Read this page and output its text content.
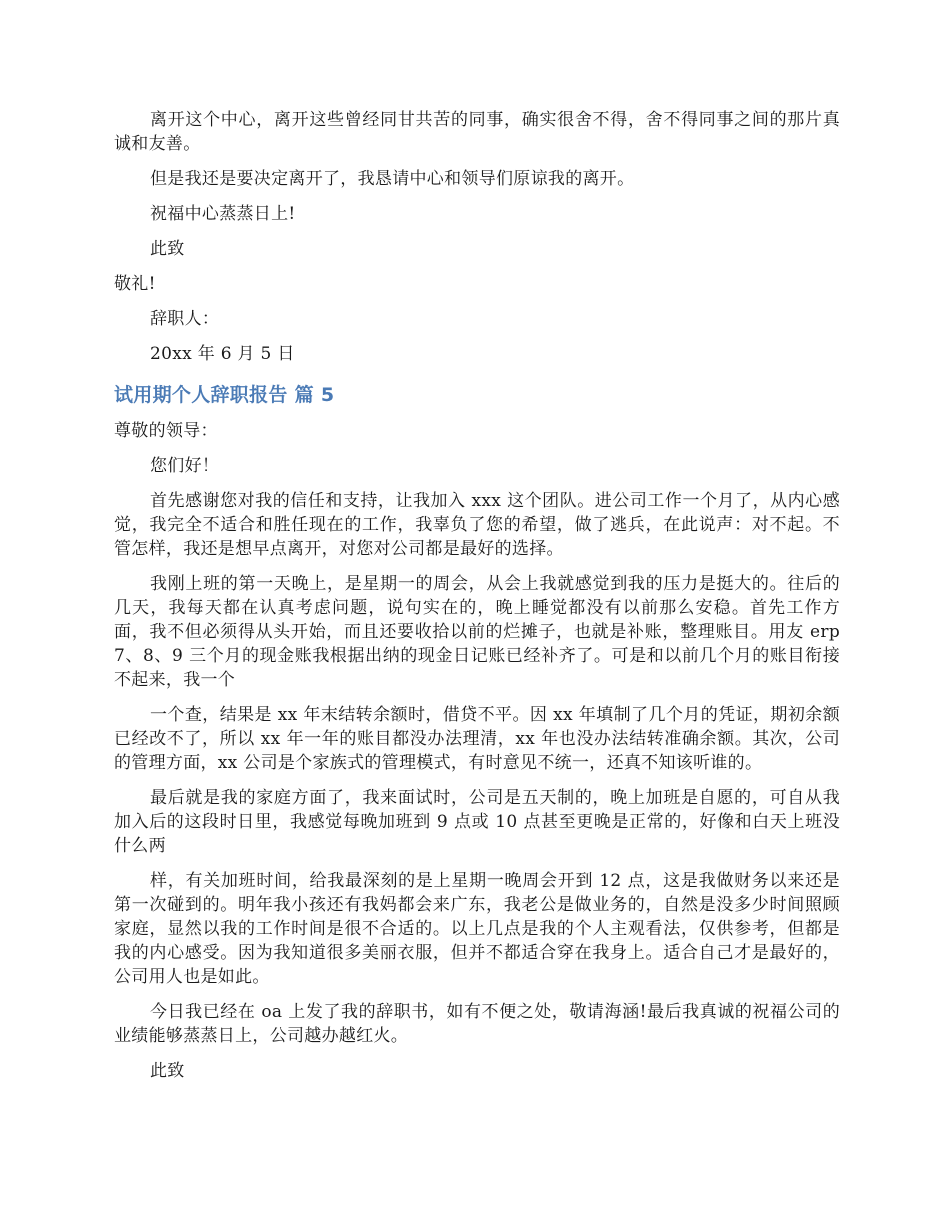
离开这个中心，离开这些曾经同甘共苦的同事，确实很舍不得，舍不得同事之间的那片真诚和友善。

但是我还是要决定离开了，我恳请中心和领导们原谅我的离开。

祝福中心蒸蒸日上!

此致

敬礼!

辞职人：

20xx 年 6 月 5 日

试用期个人辞职报告 篇 5

尊敬的领导：

您们好！

首先感谢您对我的信任和支持，让我加入 xxx 这个团队。进公司工作一个月了，从内心感觉，我完全不适合和胜任现在的工作，我辜负了您的希望，做了逃兵，在此说声：对不起。不管怎样，我还是想早点离开，对您对公司都是最好的选择。

我刚上班的第一天晚上，是星期一的周会，从会上我就感觉到我的压力是挺大的。往后的几天，我每天都在认真考虑问题，说句实在的，晚上睡觉都没有以前那么安稳。首先工作方面，我不但必须得从头开始，而且还要收拾以前的烂摊子，也就是补账，整理账目。用友 erp7、8、9 三个月的现金账我根据出纳的现金日记账已经补齐了。可是和以前几个月的账目衔接不起来，我一个

一个查，结果是 xx 年末结转余额时，借贷不平。因 xx 年填制了几个月的凭证，期初余额已经改不了，所以 xx 年一年的账目都没办法理清，xx 年也没办法结转准确余额。其次，公司的管理方面，xx 公司是个家族式的管理模式，有时意见不统一，还真不知该听谁的。

最后就是我的家庭方面了，我来面试时，公司是五天制的，晚上加班是自愿的，可自从我加入后的这段时日里，我感觉每晚加班到 9 点或 10 点甚至更晚是正常的，好像和白天上班没什么两

样，有关加班时间，给我最深刻的是上星期一晚周会开到 12 点，这是我做财务以来还是第一次碰到的。明年我小孩还有我妈都会来广东，我老公是做业务的，自然是没多少时间照顾家庭，显然以我的工作时间是很不合适的。以上几点是我的个人主观看法，仅供参考，但都是我的内心感受。因为我知道很多美丽衣服，但并不都适合穿在我身上。适合自己才是最好的，公司用人也是如此。

今日我已经在 oa 上发了我的辞职书，如有不便之处，敬请海涵!最后我真诚的祝福公司的业绩能够蒸蒸日上，公司越办越红火。

此致
